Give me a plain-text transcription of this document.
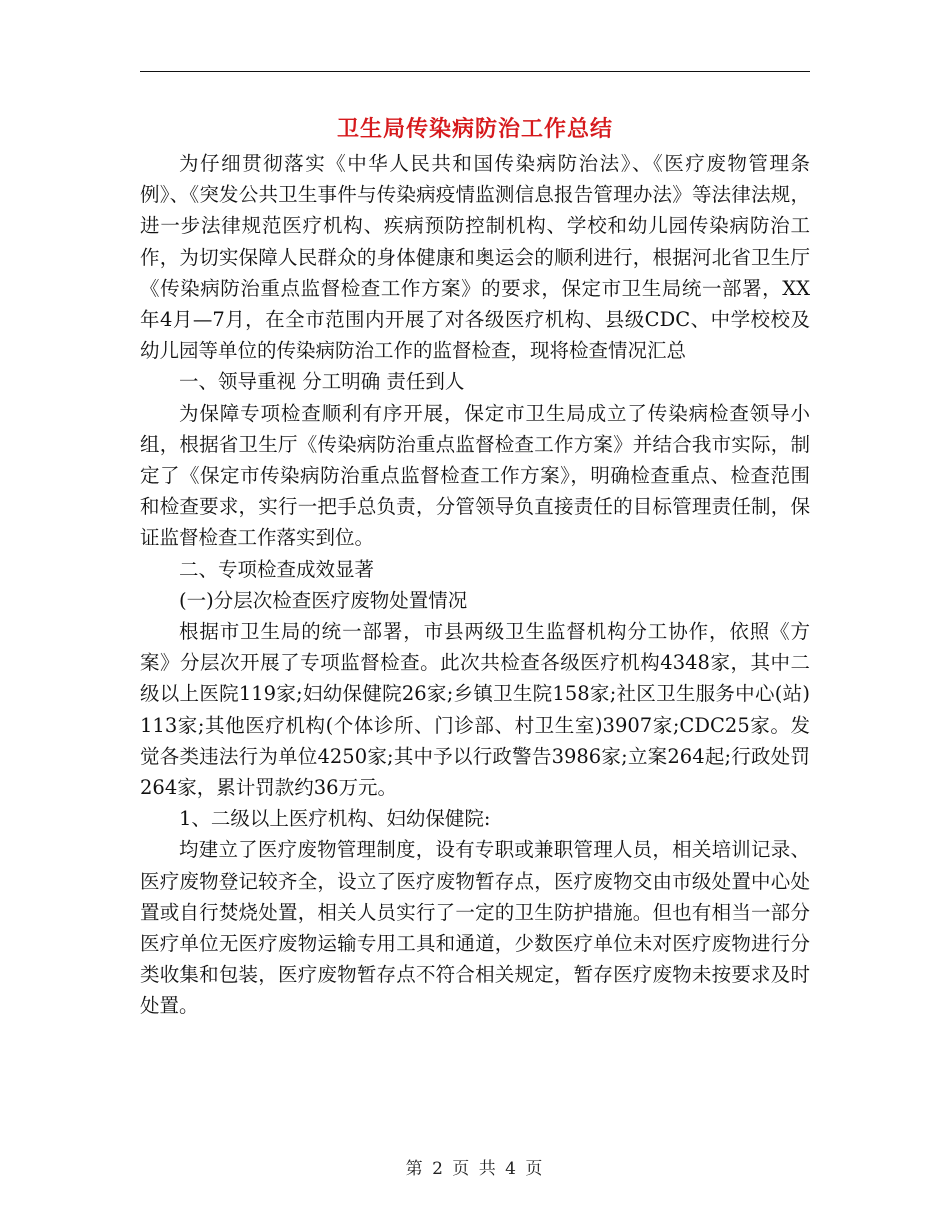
卫生局传染病防治工作总结

为仔细贯彻落实《中华人民共和国传染病防治法》、《医疗废物管理条例》、《突发公共卫生事件与传染病疫情监测信息报告管理办法》等法律法规，进一步法律规范医疗机构、疾病预防控制机构、学校和幼儿园传染病防治工作，为切实保障人民群众的身体健康和奥运会的顺利进行，根据河北省卫生厅《传染病防治重点监督检查工作方案》的要求，保定市卫生局统一部署，XX年4月—7月，在全市范围内开展了对各级医疗机构、县级CDC、中学校校及幼儿园等单位的传染病防治工作的监督检查，现将检查情况汇总

一、领导重视 分工明确 责任到人

为保障专项检查顺利有序开展，保定市卫生局成立了传染病检查领导小组，根据省卫生厅《传染病防治重点监督检查工作方案》并结合我市实际，制定了《保定市传染病防治重点监督检查工作方案》，明确检查重点、检查范围和检查要求，实行一把手总负责，分管领导负直接责任的目标管理责任制，保证监督检查工作落实到位。

二、专项检查成效显著

(一)分层次检查医疗废物处置情况

根据市卫生局的统一部署，市县两级卫生监督机构分工协作，依照《方案》分层次开展了专项监督检查。此次共检查各级医疗机构4348家，其中二级以上医院119家;妇幼保健院26家;乡镇卫生院158家;社区卫生服务中心(站)113家;其他医疗机构(个体诊所、门诊部、村卫生室)3907家;CDC25家。发觉各类违法行为单位4250家;其中予以行政警告3986家;立案264起;行政处罚264家，累计罚款约36万元。

1、二级以上医疗机构、妇幼保健院:

均建立了医疗废物管理制度，设有专职或兼职管理人员，相关培训记录、医疗废物登记较齐全，设立了医疗废物暂存点，医疗废物交由市级处置中心处置或自行焚烧处置，相关人员实行了一定的卫生防护措施。但也有相当一部分医疗单位无医疗废物运输专用工具和通道，少数医疗单位未对医疗废物进行分类收集和包装，医疗废物暂存点不符合相关规定，暂存医疗废物未按要求及时处置。

第 2 页 共 4 页
